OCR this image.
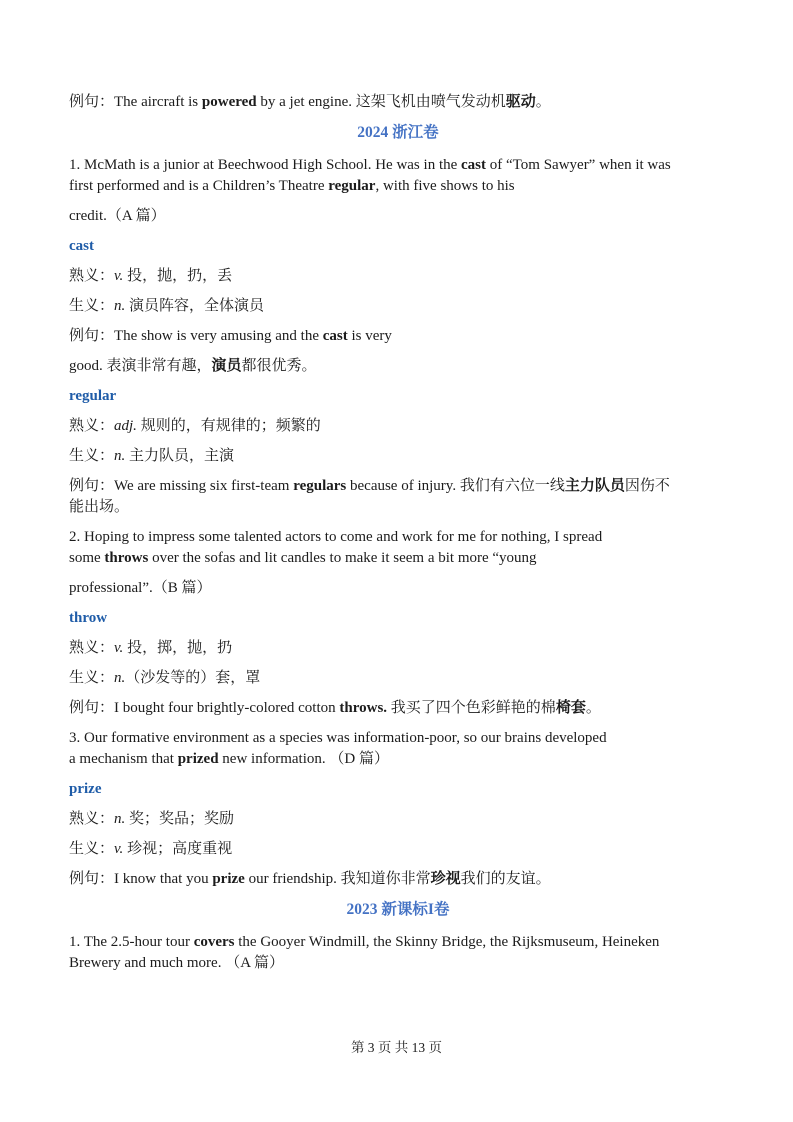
例句：The aircraft is powered by a jet engine. 这架飞机由喷气发动机驱动。

2024 浙江卷

1. McMath is a junior at Beechwood High School. He was in the cast of “Tom Sawyer” when it was
first performed and is a Children’s Theatre regular, with five shows to his

credit.（A 篇）

cast

熟义：v. 投，抛，扔，丢

生义：n. 演员阵容，全体演员

例句：The show is very amusing and the cast is very

good. 表演非常有趣，演员都很优秀。

regular

熟义：adj. 规则的，有规律的；频繁的

生义：n. 主力队员，主演

例句：We are missing six first-team regulars because of injury. 我们有六位一线主力队员因伤不
能出场。

2. Hoping to impress some talented actors to come and work for me for nothing, I spread
some throws over the sofas and lit candles to make it seem a bit more “young

professional”.（B 篇）

throw

熟义：v. 投，掷，抛，扔

生义：n.（沙发等的）套，罩

例句：I bought four brightly-colored cotton throws. 我买了四个色彩鲜艳的棉椅套。

3. Our formative environment as a species was information-poor, so our brains developed
a mechanism that prized new information. （D 篇）

prize

熟义：n. 奖；奖品；奖励

生义：v. 珍视；高度重视

例句：I know that you prize our friendship. 我知道你非常珍视我们的友谊。

2023 新课标I卷

1. The 2.5-hour tour covers the Gooyer Windmill, the Skinny Bridge, the Rijksmuseum, Heineken
Brewery and much more. （A 篇）

第 3 页 共 13 页
